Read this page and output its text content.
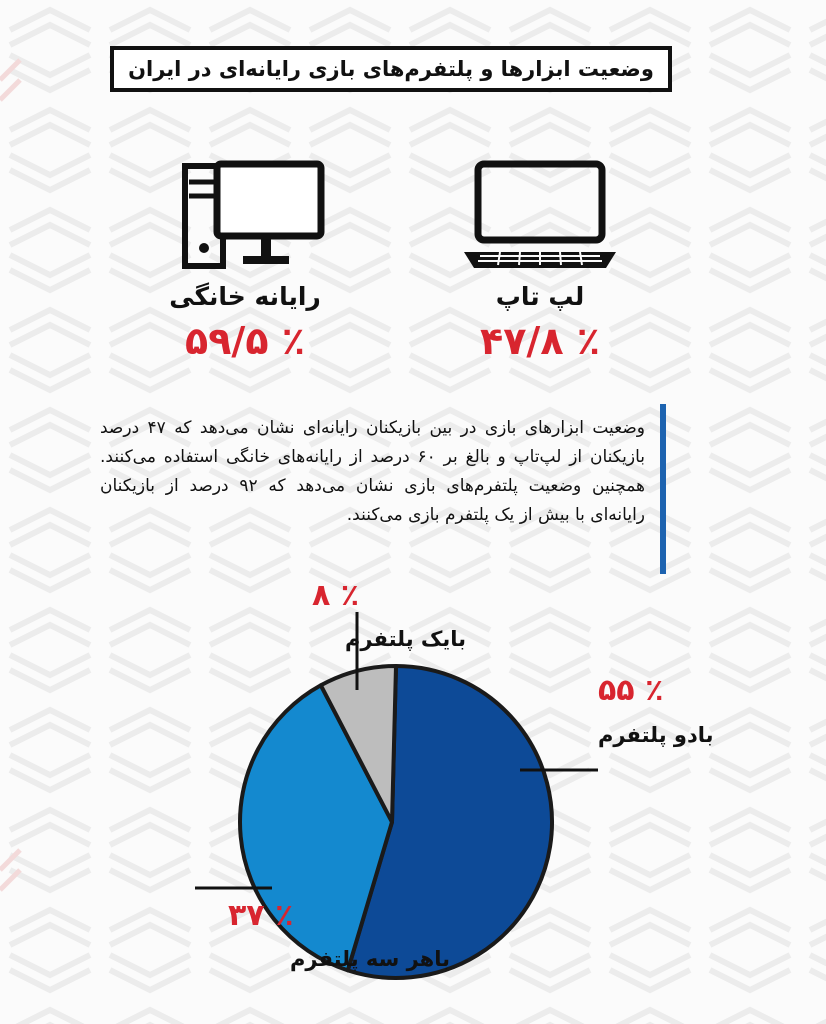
وضعیت ابزارها و پلتفرم‌های بازی رایانه‌ای در ایران
رایانه خانگی
٪ ۵۹/۵
لپ تاپ
٪ ۴۷/۸
وضعیت ابزارهای بازی در بین بازیکنان رایانه‌ای نشان می‌دهد که ۴۷ درصد بازیکنان از لپ‌تاپ و بالغ بر ۶۰ درصد از رایانه‌های خانگی استفاده می‌کنند. همچنین وضعیت پلتفرم‌های بازی نشان می‌دهد که ۹۲ درصد از بازیکنان رایانه‌ای با بیش از یک پلتفرم بازی می‌کنند.
٪ ۵۵
بادو پلتفرم
٪ ۳۷
باهر سه پلتفرم
٪ ۸
بایک پلتفرم
